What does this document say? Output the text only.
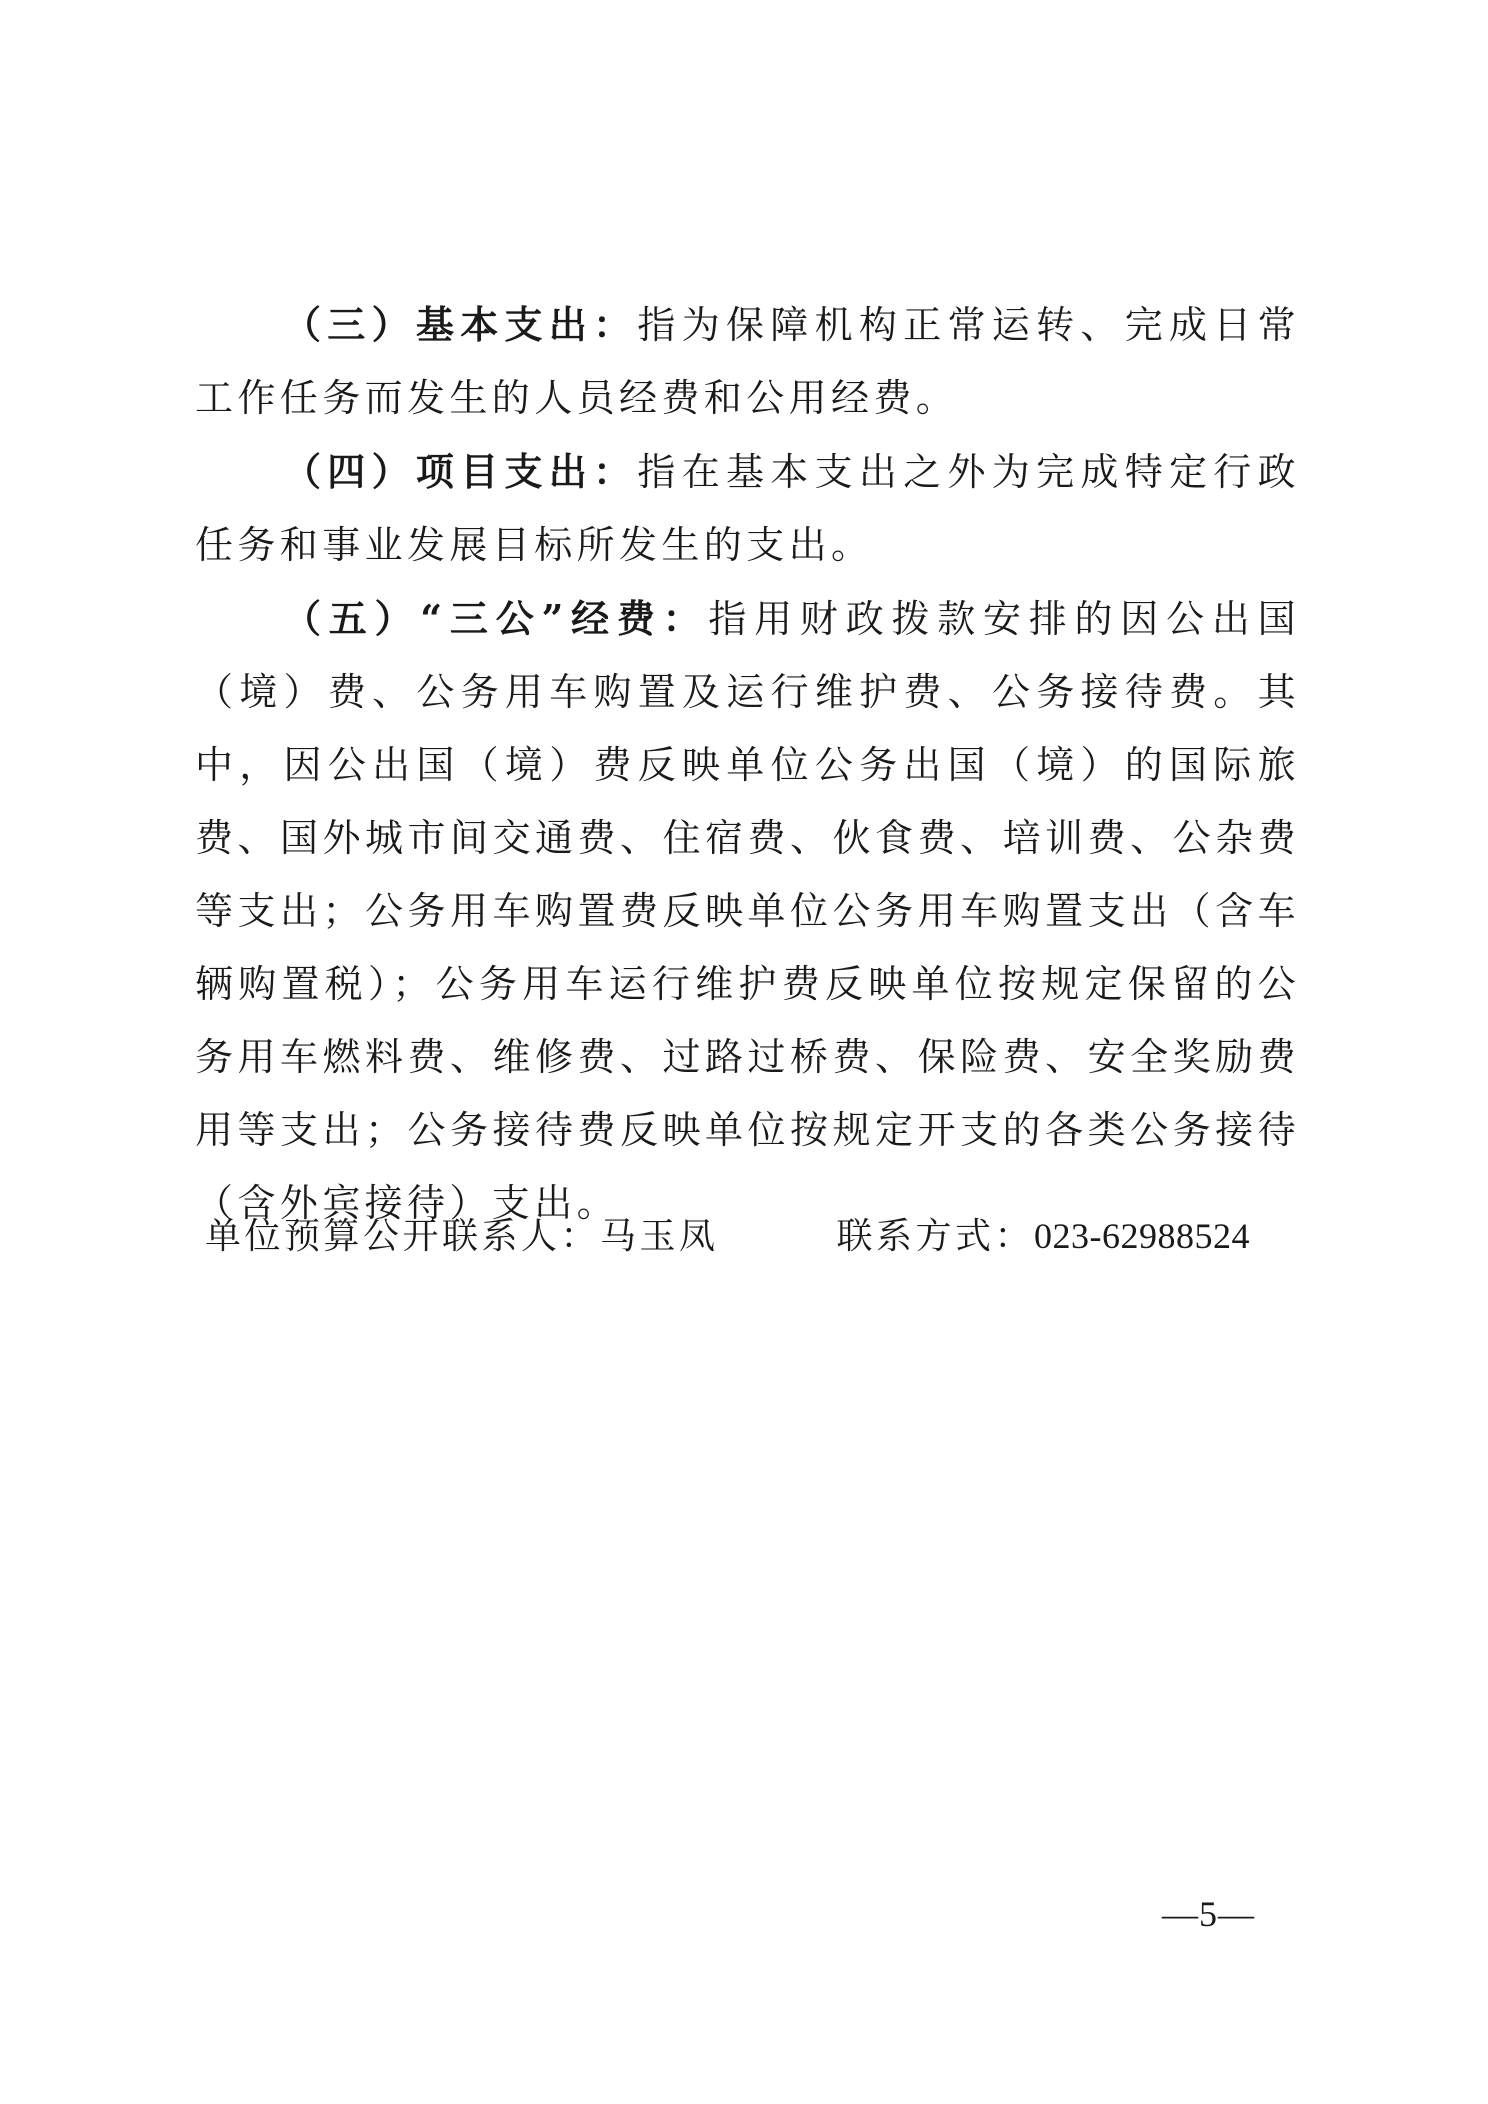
（三）基本支出：指为保障机构正常运转、完成日常工作任务而发生的人员经费和公用经费。

（四）项目支出：指在基本支出之外为完成特定行政任务和事业发展目标所发生的支出。

（五）“三公”经费：指用财政拨款安排的因公出国（境）费、公务用车购置及运行维护费、公务接待费。其中，因公出国（境）费反映单位公务出国（境）的国际旅费、国外城市间交通费、住宿费、伙食费、培训费、公杂费等支出；公务用车购置费反映单位公务用车购置支出（含车辆购置税）；公务用车运行维护费反映单位按规定保留的公务用车燃料费、维修费、过路过桥费、保险费、安全奖励费用等支出；公务接待费反映单位按规定开支的各类公务接待（含外宾接待）支出。

单位预算公开联系人：马玉凤	联系方式：023-62988524
—5—
